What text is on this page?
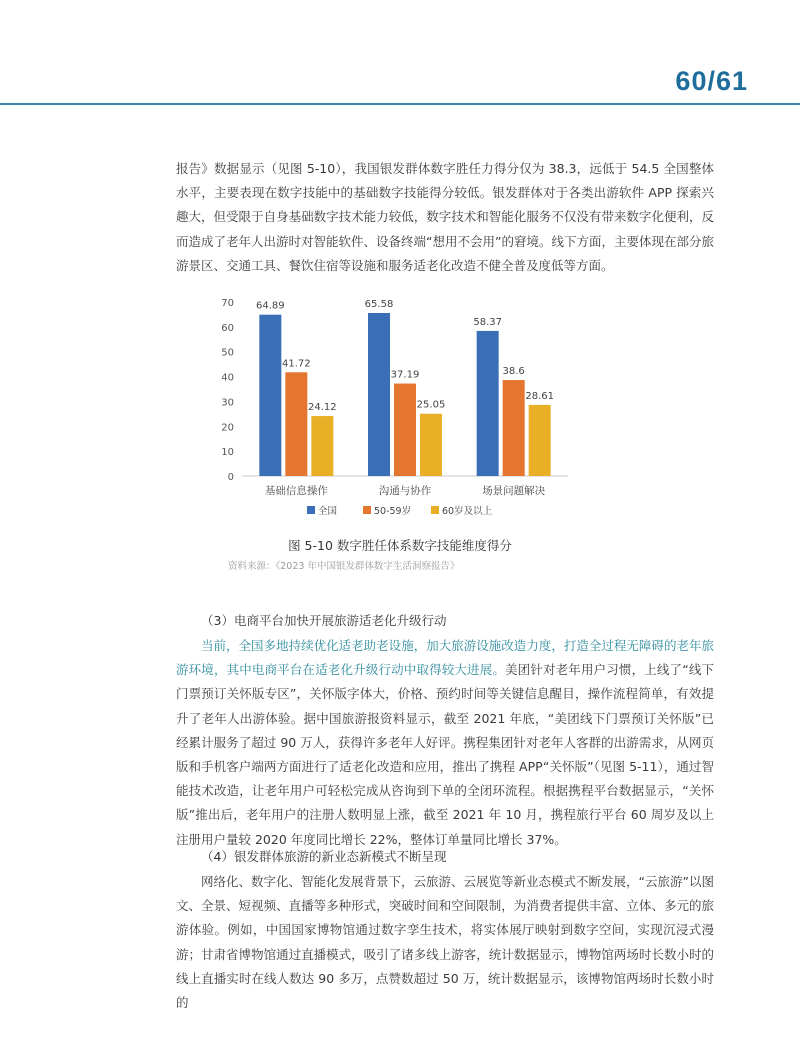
60/61

报告》数据显示（见图 5-10），我国银发群体数字胜任力得分仅为 38.3，远低于 54.5 全国整体水平，主要表现在数字技能中的基础数字技能得分较低。银发群体对于各类出游软件 APP 探索兴趣大，但受限于自身基础数字技术能力较低，数字技术和智能化服务不仅没有带来数字化便利，反而造成了老年人出游时对智能软件、设备终端“想用不会用”的窘境。线下方面，主要体现在部分旅游景区、交通工具、餐饮住宿等设施和服务适老化改造不健全普及度低等方面。

0
10
20
30
40
50
60
70 64.89
41.72
24.12
基础信息操作
65.58
37.19
25.05
沟通与协作
58.37
38.6
28.61
场景问题解决
全国	50-59岁	60岁及以上
图 5-10 数字胜任体系数字技能维度得分
资料来源：《2023 年中国银发群体数字生活洞察报告》

（3）电商平台加快开展旅游适老化升级行动

当前，全国多地持续优化适老助老设施，加大旅游设施改造力度，打造全过程无障碍的老年旅游环境，其中电商平台在适老化升级行动中取得较大进展。美团针对老年用户习惯，上线了“线下门票预订关怀版专区”，关怀版字体大，价格、预约时间等关键信息醒目，操作流程简单，有效提升了老年人出游体验。据中国旅游报资料显示，截至 2021 年底，“美团线下门票预订关怀版”已经累计服务了超过 90 万人，获得许多老年人好评。携程集团针对老年人客群的出游需求，从网页版和手机客户端两方面进行了适老化改造和应用，推出了携程 APP“关怀版”（见图 5-11），通过智能技术改造，让老年用户可轻松完成从咨询到下单的全闭环流程。根据携程平台数据显示，“关怀版”推出后，老年用户的注册人数明显上涨，截至 2021 年 10 月，携程旅行平台 60 周岁及以上注册用户量较 2020 年度同比增长 22%，整体订单量同比增长 37%。

（4）银发群体旅游的新业态新模式不断呈现

网络化、数字化、智能化发展背景下，云旅游、云展览等新业态模式不断发展，“云旅游”以图文、全景、短视频、直播等多种形式，突破时间和空间限制，为消费者提供丰富、立体、多元的旅游体验。例如，中国国家博物馆通过数字孪生技术，将实体展厅映射到数字空间，实现沉浸式漫游；甘肃省博物馆通过直播模式，吸引了诸多线上游客，统计数据显示，博物馆两场时长数小时的线上直播实时在线人数达 90 多万，点赞数超过 50 万，统计数据显示，该博物馆两场时长数小时的
